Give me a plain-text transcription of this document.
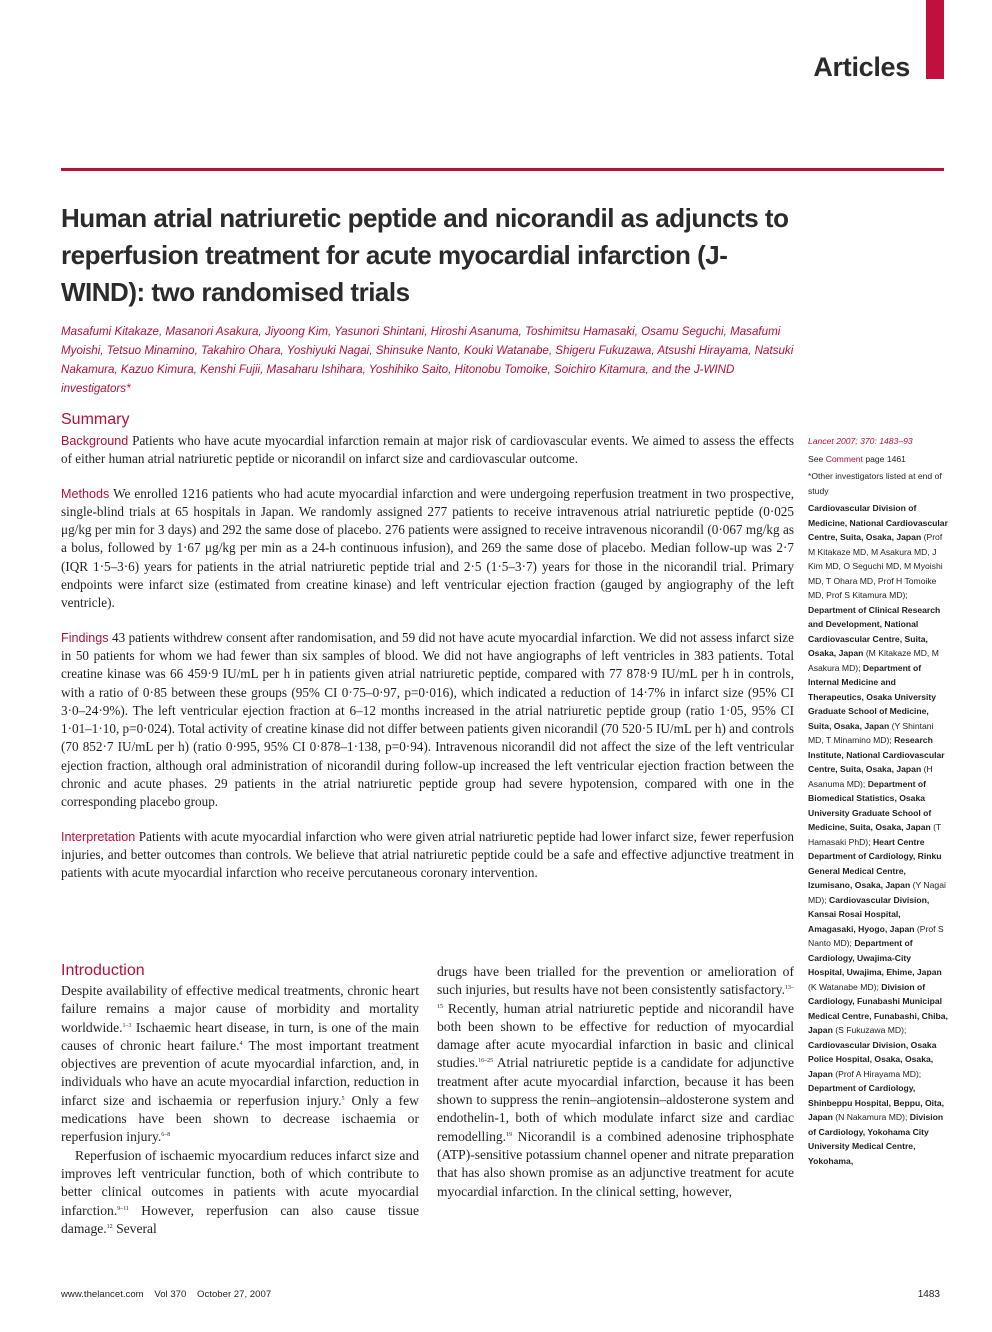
Articles
Human atrial natriuretic peptide and nicorandil as adjuncts to reperfusion treatment for acute myocardial infarction (J-WIND): two randomised trials
Masafumi Kitakaze, Masanori Asakura, Jiyoong Kim, Yasunori Shintani, Hiroshi Asanuma, Toshimitsu Hamasaki, Osamu Seguchi, Masafumi Myoishi, Tetsuo Minamino, Takahiro Ohara, Yoshiyuki Nagai, Shinsuke Nanto, Kouki Watanabe, Shigeru Fukuzawa, Atsushi Hirayama, Natsuki Nakamura, Kazuo Kimura, Kenshi Fujii, Masaharu Ishihara, Yoshihiko Saito, Hitonobu Tomoike, Soichiro Kitamura, and the J-WIND investigators*
Summary

Background Patients who have acute myocardial infarction remain at major risk of cardiovascular events. We aimed to assess the effects of either human atrial natriuretic peptide or nicorandil on infarct size and cardiovascular outcome.

Methods We enrolled 1216 patients who had acute myocardial infarction and were undergoing reperfusion treatment in two prospective, single-blind trials at 65 hospitals in Japan. We randomly assigned 277 patients to receive intravenous atrial natriuretic peptide (0·025 μg/kg per min for 3 days) and 292 the same dose of placebo. 276 patients were assigned to receive intravenous nicorandil (0·067 mg/kg as a bolus, followed by 1·67 μg/kg per min as a 24-h continuous infusion), and 269 the same dose of placebo. Median follow-up was 2·7 (IQR 1·5–3·6) years for patients in the atrial natriuretic peptide trial and 2·5 (1·5–3·7) years for those in the nicorandil trial. Primary endpoints were infarct size (estimated from creatine kinase) and left ventricular ejection fraction (gauged by angiography of the left ventricle).

Findings 43 patients withdrew consent after randomisation, and 59 did not have acute myocardial infarction. We did not assess infarct size in 50 patients for whom we had fewer than six samples of blood. We did not have angiographs of left ventricles in 383 patients. Total creatine kinase was 66 459·9 IU/mL per h in patients given atrial natriuretic peptide, compared with 77 878·9 IU/mL per h in controls, with a ratio of 0·85 between these groups (95% CI 0·75–0·97, p=0·016), which indicated a reduction of 14·7% in infarct size (95% CI 3·0–24·9%). The left ventricular ejection fraction at 6–12 months increased in the atrial natriuretic peptide group (ratio 1·05, 95% CI 1·01–1·10, p=0·024). Total activity of creatine kinase did not differ between patients given nicorandil (70 520·5 IU/mL per h) and controls (70 852·7 IU/mL per h) (ratio 0·995, 95% CI 0·878–1·138, p=0·94). Intravenous nicorandil did not affect the size of the left ventricular ejection fraction, although oral administration of nicorandil during follow-up increased the left ventricular ejection fraction between the chronic and acute phases. 29 patients in the atrial natriuretic peptide group had severe hypotension, compared with one in the corresponding placebo group.

Interpretation Patients with acute myocardial infarction who were given atrial natriuretic peptide had lower infarct size, fewer reperfusion injuries, and better outcomes than controls. We believe that atrial natriuretic peptide could be a safe and effective adjunctive treatment in patients with acute myocardial infarction who receive percutaneous coronary intervention.

Introduction

Despite availability of effective medical treatments, chronic heart failure remains a major cause of morbidity and mortality worldwide.$^{1-3}$ Ischaemic heart disease, in turn, is one of the main causes of chronic heart failure.$^4$ The most important treatment objectives are prevention of acute myocardial infarction, and, in individuals who have an acute myocardial infarction, reduction in infarct size and ischaemia or reperfusion injury.$^5$ Only a few medications have been shown to decrease ischaemia or reperfusion injury.$^{6-8}$

Reperfusion of ischaemic myocardium reduces infarct size and improves left ventricular function, both of which contribute to better clinical outcomes in patients with acute myocardial infarction.$^{9-11}$ However, reperfusion can also cause tissue damage.$^{12}$ Several

drugs have been trialled for the prevention or amelioration of such injuries, but results have not been consistently satisfactory.$^{13-15}$ Recently, human atrial natriuretic peptide and nicorandil have both been shown to be effective for reduction of myocardial damage after acute myocardial infarction in basic and clinical studies.$^{16-25}$ Atrial natriuretic peptide is a candidate for adjunctive treatment after acute myocardial infarction, because it has been shown to suppress the renin–angiotensin–aldosterone system and endothelin-1, both of which modulate infarct size and cardiac remodelling.$^{19}$ Nicorandil is a combined adenosine triphosphate (ATP)-sensitive potassium channel opener and nitrate preparation that has also shown promise as an adjunctive treatment for acute myocardial infarction. In the clinical setting, however,

Lancet 2007; 370: 1483–93

See Comment page 1461

*Other investigators listed at end of study

Cardiovascular Division of Medicine, National Cardiovascular Centre, Suita, Osaka, Japan (Prof M Kitakaze MD, M Asakura MD, J Kim MD, O Seguchi MD, M Myoishi MD, T Ohara MD, Prof H Tomoike MD, Prof S Kitamura MD); Department of Clinical Research and Development, National Cardiovascular Centre, Suita, Osaka, Japan (M Kitakaze MD, M Asakura MD); Department of Internal Medicine and Therapeutics, Osaka University Graduate School of Medicine, Suita, Osaka, Japan (Y Shintani MD, T Minamino MD); Research Institute, National Cardiovascular Centre, Suita, Osaka, Japan (H Asanuma MD); Department of Biomedical Statistics, Osaka University Graduate School of Medicine, Suita, Osaka, Japan (T Hamasaki PhD); Heart Centre Department of Cardiology, Rinku General Medical Centre, Izumisano, Osaka, Japan (Y Nagai MD); Cardiovascular Division, Kansai Rosai Hospital, Amagasaki, Hyogo, Japan (Prof S Nanto MD); Department of Cardiology, Uwajima-City Hospital, Uwajima, Ehime, Japan (K Watanabe MD); Division of Cardiology, Funabashi Municipal Medical Centre, Funabashi, Chiba, Japan (S Fukuzawa MD); Cardiovascular Division, Osaka Police Hospital, Osaka, Osaka, Japan (Prof A Hirayama MD); Department of Cardiology, Shinbeppu Hospital, Beppu, Oita, Japan (N Nakamura MD); Division of Cardiology, Yokohama City University Medical Centre, Yokohama,
www.thelancet.com Vol 370 October 27, 2007	1483
